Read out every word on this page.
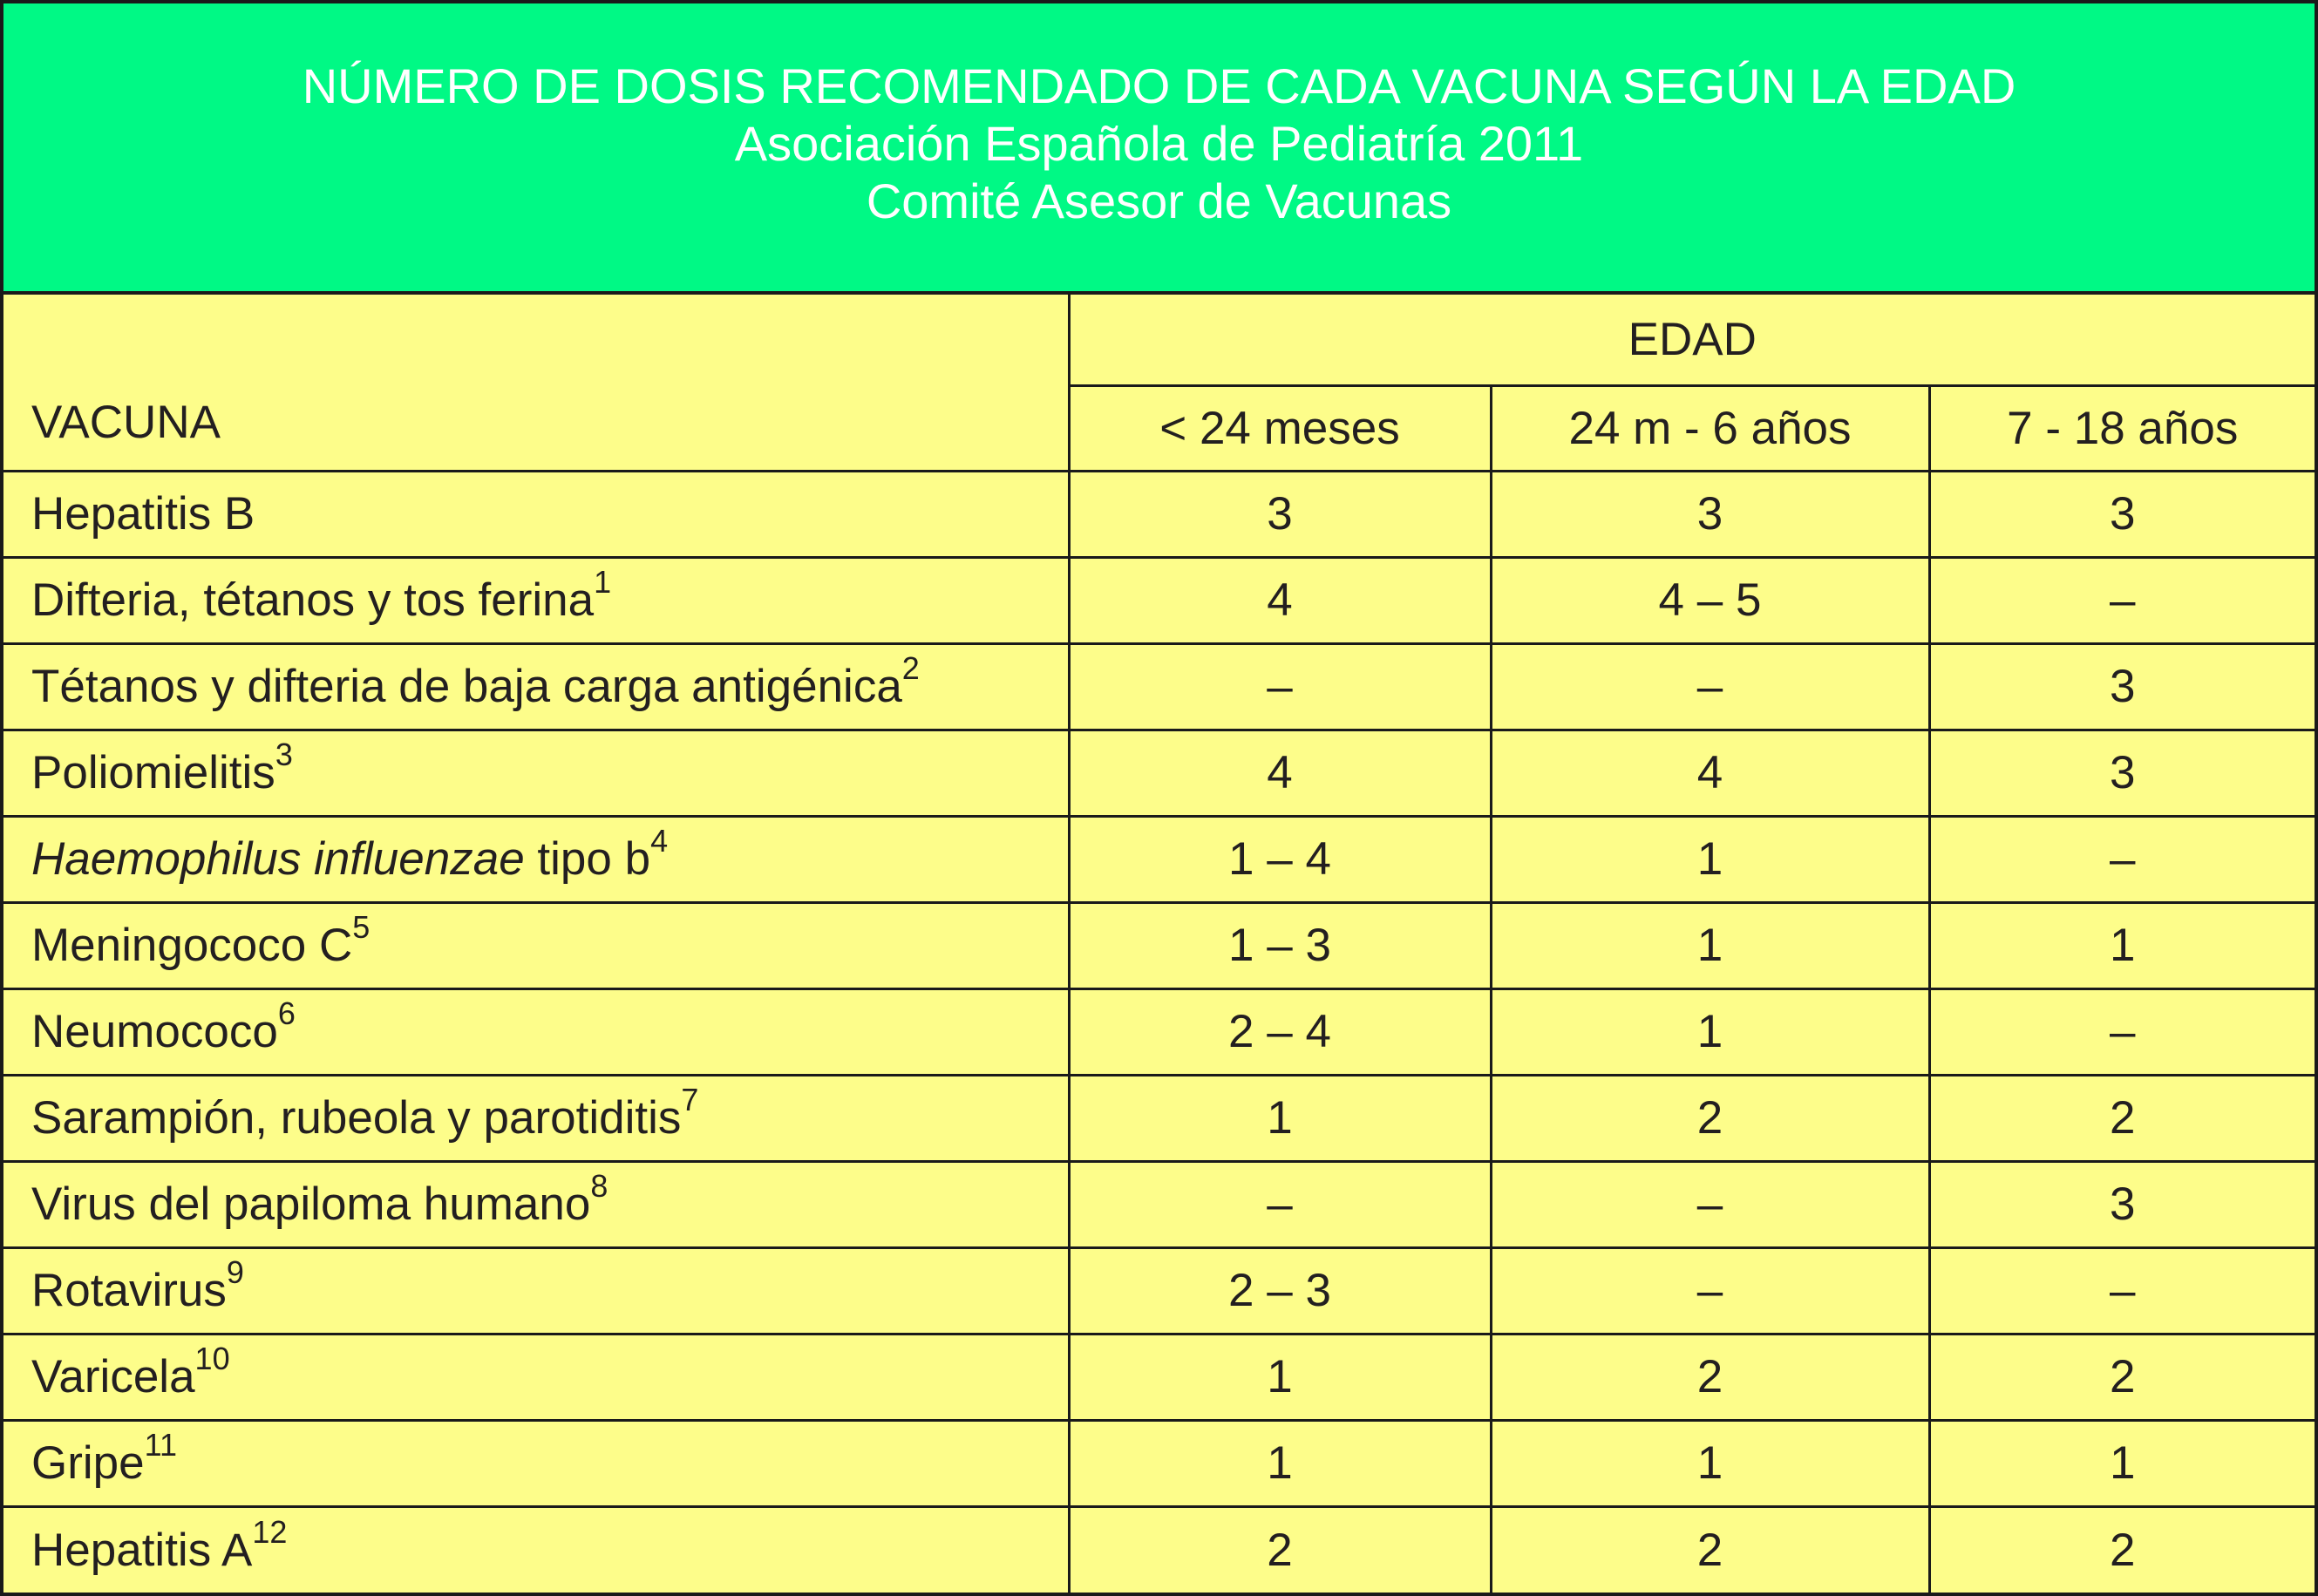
NÚMERO DE DOSIS RECOMENDADO DE CADA VACUNA SEGÚN LA EDAD
Asociación Española de Pediatría 2011
Comité Asesor de Vacunas
VACUNA	EDAD		
	< 24 meses	24 m - 6 años	7 - 18 años
Hepatitis B	3	3	3
Difteria, tétanos y tos ferina$^1$	4	4 – 5	–
Tétanos y difteria de baja carga antigénica$^2$	–	–	3
Poliomielitis$^3$	4	4	3
Haemophilus influenzae tipo $b^4$	1 – 4	1	–
Meningococo $C^5$	1 – 3	1	1
Neumococo$^6$	2 – 4	1	–
Sarampión, rubeola y parotiditis$^7$	1	2	2
Virus del papiloma humano$^8$	–	–	3
Rotavirus$^9$	2 – 3	–	–
Varicela$^{10}$	1	2	2
Gripe$^{11}$	1	1	1
Hepatitis $A^{12}$	2	2	2
